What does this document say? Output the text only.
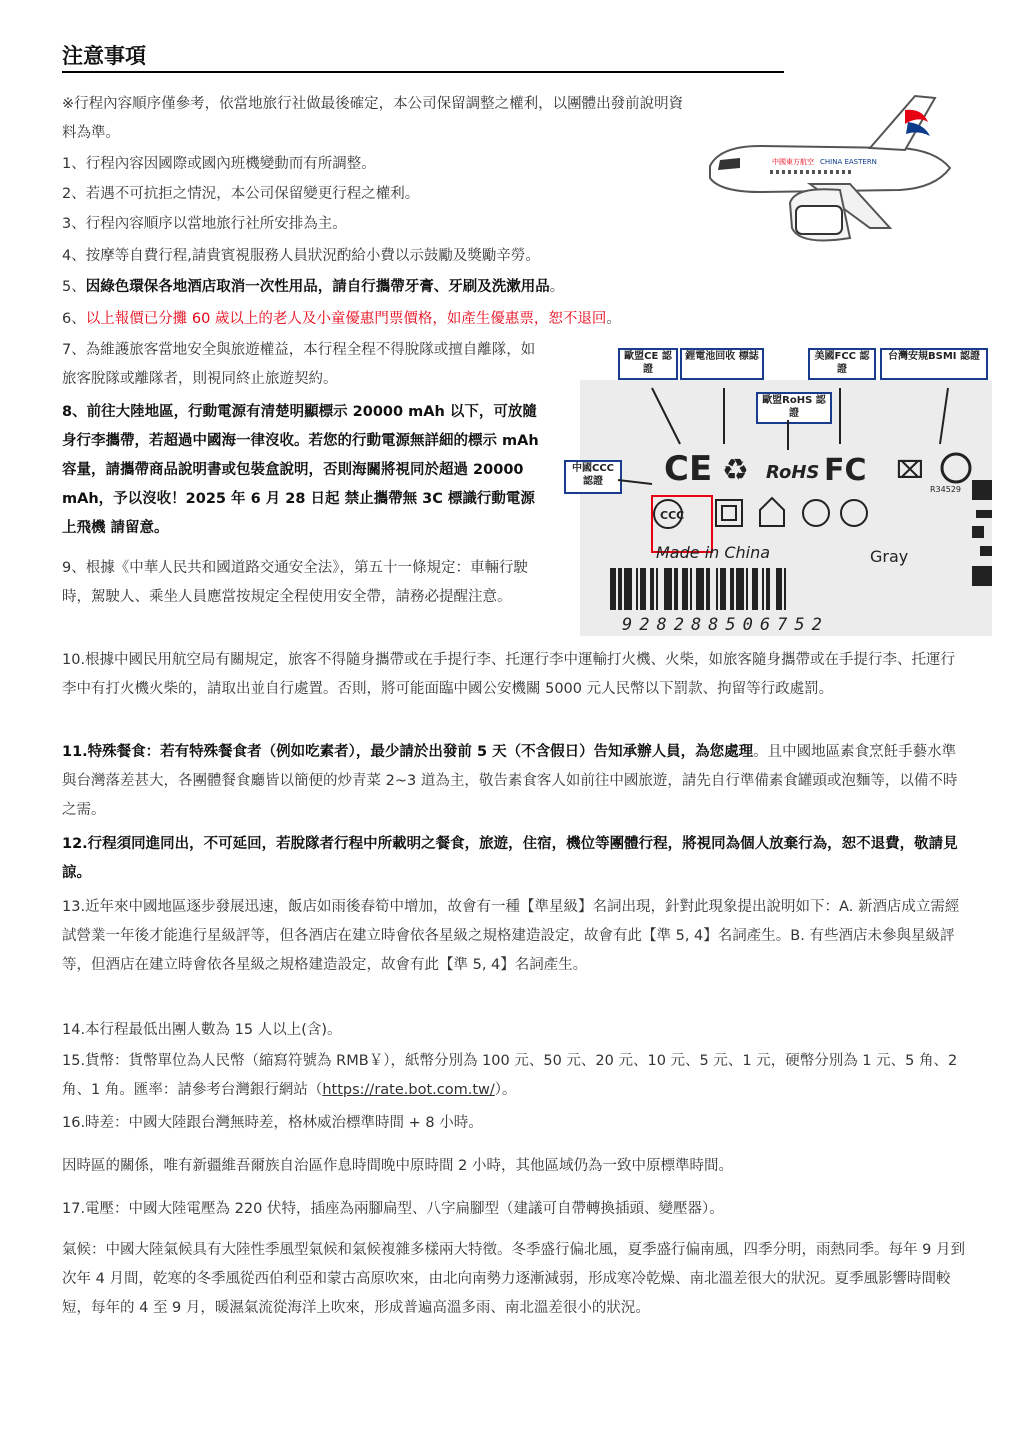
注意事項
中國東方航空 CHINA EASTERN
※行程內容順序僅參考，依當地旅行社做最後確定，本公司保留調整之權利，以團體出發前說明資料為準。
1、行程內容因國際或國內班機變動而有所調整。
2、若遇不可抗拒之情況，本公司保留變更行程之權利。
3、行程內容順序以當地旅行社所安排為主。
4、按摩等自費行程,請貴賓視服務人員狀況酌給小費以示鼓勵及獎勵辛勞。
5、因綠色環保各地酒店取消一次性用品，請自行攜帶牙膏、牙刷及洗漱用品。
6、以上報價已分攤 60 歲以上的老人及小童優惠門票價格，如產生優惠票，恕不退回。
7、為維護旅客當地安全與旅遊權益，本行程全程不得脫隊或擅自離隊，如旅客脫隊或離隊者，則視同終止旅遊契約。
8、前往大陸地區，行動電源有清楚明顯標示 20000 mAh 以下，可放隨身行李攜帶，若超過中國海一律沒收。若您的行動電源無詳細的標示 mAh 容量，請攜帶商品說明書或包裝盒說明，否則海關將視同於超過 20000 mAh，予以沒收！2025 年 6 月 28 日起 禁止攜帶無 3C 標識行動電源上飛機 請留意。
歐盟CE 認證
鋰電池回收 標誌	美國FCC 認證
台灣安規BSMI 認證
歐盟RoHS 認證
中國CCC 認證	CE ♻ RoHS FC ⌧
CCC
R34529
Made in China	Gray
928288506752
9、根據《中華人民共和國道路交通安全法》，第五十一條規定：車輛行駛時，駕駛人、乘坐人員應當按規定全程使用安全帶，請務必提醒注意。
10.根據中國民用航空局有關規定，旅客不得隨身攜帶或在手提行李、托運行李中運輸打火機、火柴，如旅客隨身攜帶或在手提行李、托運行李中有打火機火柴的，請取出並自行處置。否則，將可能面臨中國公安機關 5000 元人民幣以下罰款、拘留等行政處罰。
11.特殊餐食：若有特殊餐食者（例如吃素者），最少請於出發前 5 天（不含假日）告知承辦人員，為您處理。且中國地區素食烹飪手藝水準與台灣落差甚大，各團體餐食廳皆以簡便的炒青菜 2~3 道為主，敬告素食客人如前往中國旅遊，請先自行準備素食罐頭或泡麵等，以備不時之需。
12.行程須同進同出，不可延回，若脫隊者行程中所載明之餐食，旅遊，住宿，機位等團體行程，將視同為個人放棄行為，恕不退費，敬請見諒。
13.近年來中國地區逐步發展迅速，飯店如雨後春筍中增加，故會有一種【準星級】名詞出現，針對此現象提出說明如下：A. 新酒店成立需經試營業一年後才能進行星級評等，但各酒店在建立時會依各星級之規格建造設定，故會有此【準 5, 4】名詞產生。B. 有些酒店未參與星級評等，但酒店在建立時會依各星級之規格建造設定，故會有此【準 5, 4】名詞產生。
14.本行程最低出團人數為 15 人以上(含)。
15.貨幣：貨幣單位為人民幣（縮寫符號為 RMB￥），紙幣分別為 100 元、50 元、20 元、10 元、5 元、1 元，硬幣分別為 1 元、5 角、2 角、1 角。匯率：請參考台灣銀行網站（https://rate.bot.com.tw/）。
16.時差：中國大陸跟台灣無時差，格林威治標準時間 + 8 小時。
因時區的關係，唯有新疆維吾爾族自治區作息時間晚中原時間 2 小時，其他區域仍為一致中原標準時間。
17.電壓：中國大陸電壓為 220 伏特，插座為兩腳扁型、八字扁腳型（建議可自帶轉換插頭、變壓器）。
氣候：中國大陸氣候具有大陸性季風型氣候和氣候複雜多樣兩大特徵。冬季盛行偏北風，夏季盛行偏南風，四季分明，雨熱同季。每年 9 月到次年 4 月間，乾寒的冬季風從西伯利亞和蒙古高原吹來，由北向南勢力逐漸減弱，形成寒冷乾燥、南北溫差很大的狀況。夏季風影響時間較短，每年的 4 至 9 月，暖濕氣流從海洋上吹來，形成普遍高溫多雨、南北溫差很小的狀況。
